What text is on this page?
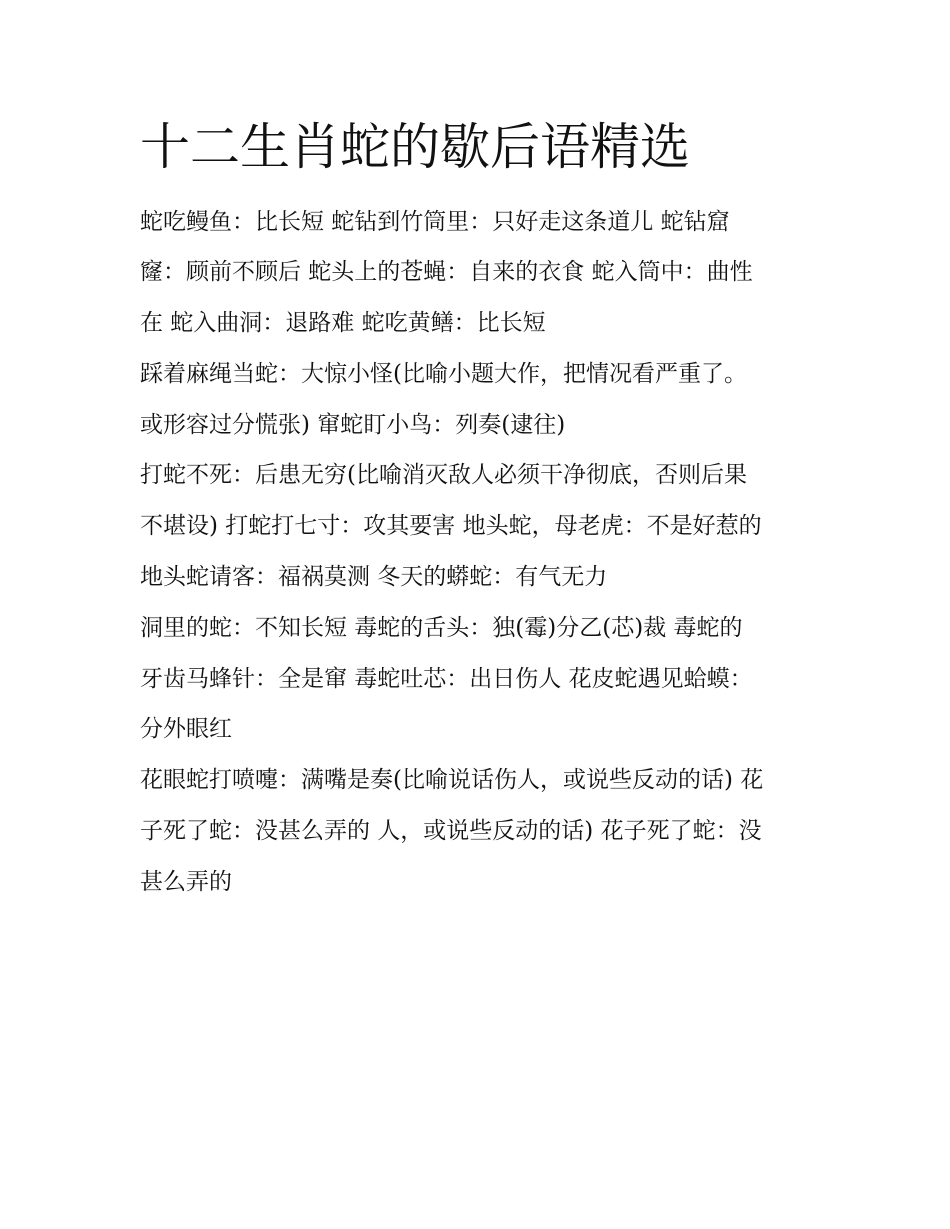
十二生肖蛇的歇后语精选

蛇吃鳗鱼：比长短 蛇钻到竹筒里：只好走这条道儿 蛇钻窟

窿：顾前不顾后 蛇头上的苍蝇：自来的衣食 蛇入筒中：曲性

在 蛇入曲洞：退路难 蛇吃黄鳝：比长短

踩着麻绳当蛇：大惊小怪(比喻小题大作，把情况看严重了。

或形容过分慌张) 窜蛇盯小鸟：列奏(逮往)

打蛇不死：后患无穷(比喻消灭敌人必须干净彻底，否则后果

不堪设) 打蛇打七寸：攻其要害 地头蛇，母老虎：不是好惹的

地头蛇请客：福祸莫测 冬天的蟒蛇：有气无力

洞里的蛇：不知长短 毒蛇的舌头：独(霉)分乙(芯)裁 毒蛇的

牙齿马蜂针：全是窜 毒蛇吐芯：出日伤人 花皮蛇遇见蛤蟆：

分外眼红

花眼蛇打喷嚏：满嘴是奏(比喻说话伤人，或说些反动的话) 花

子死了蛇：没甚么弄的 人，或说些反动的话) 花子死了蛇：没

甚么弄的
